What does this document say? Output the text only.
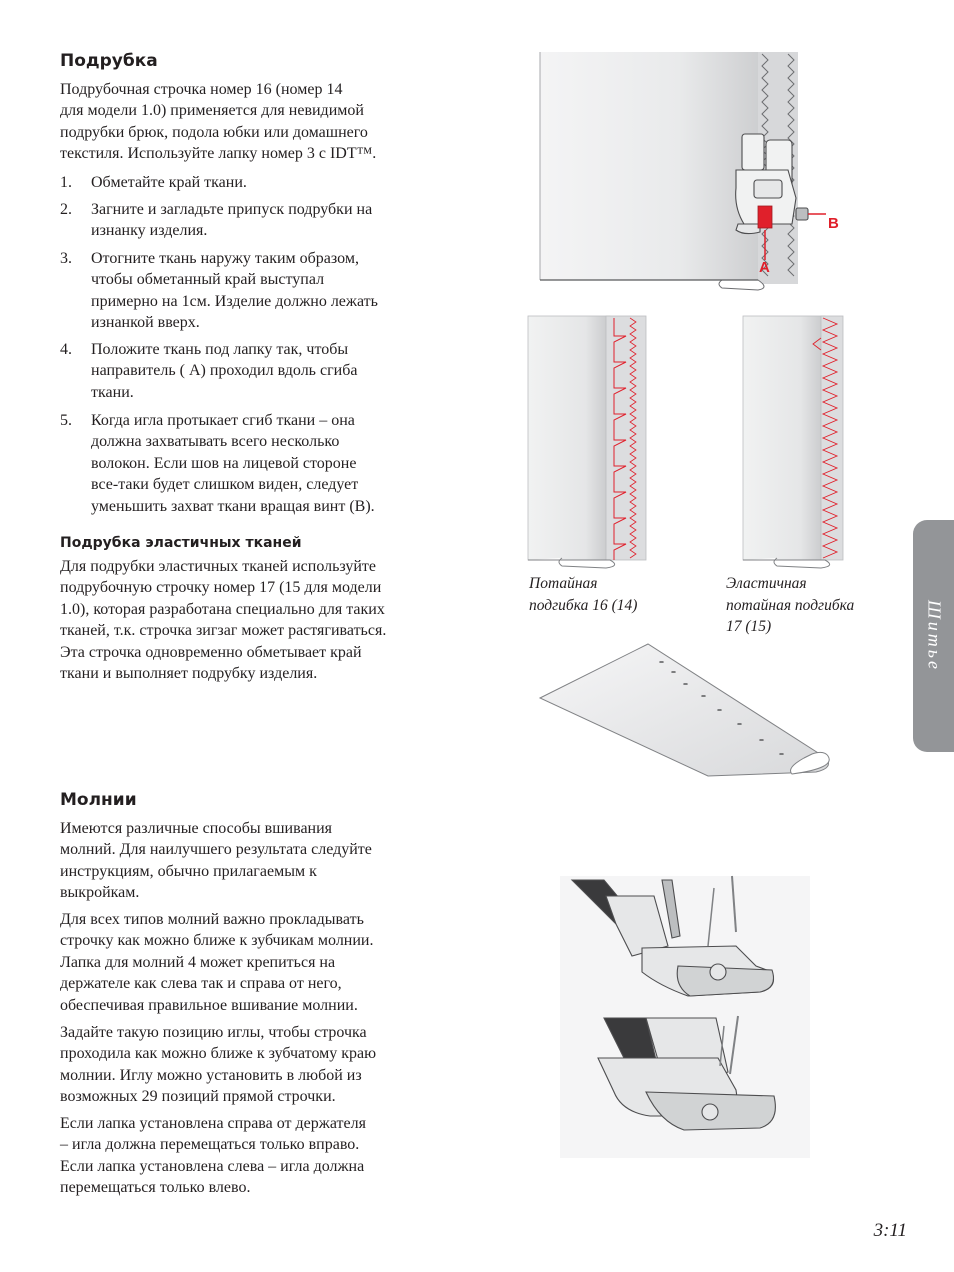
Подрубка
Подрубочная строчка номер 16 (номер 14
для модели 1.0) применяется для невидимой
подрубки брюк, подола юбки или домашнего
текстиля. Используйте лапку номер 3 с IDT™.
1. Обметайте край ткани.
2. Загните и загладьте припуск подрубки на
изнанку изделия.
3. Отогните ткань наружу таким образом,
чтобы обметанный край выступал
примерно на 1см. Изделие должно лежать
изнанкой вверх.
4. Положите ткань под лапку так, чтобы
направитель ( А) проходил вдоль сгиба
ткани.
5. Когда игла протыкает сгиб ткани – она
должна захватывать всего несколько
волокон. Если шов на лицевой стороне
все-таки будет слишком виден, следует
уменьшить захват ткани вращая винт (В).
Подрубка эластичных тканей
Для подрубки эластичных тканей используйте
подрубочную строчку номер 17 (15 для модели
1.0), которая разработана специально для таких
тканей, т.к. строчка зигзаг может растягиваться.
Эта строчка одновременно обметывает край
ткани и выполняет подрубку изделия.
Молнии
Имеются различные способы вшивания
молний. Для наилучшего результата следуйте
инструкциям, обычно прилагаемым к
выкройкам.
Для всех типов молний важно прокладывать
строчку как можно ближе к зубчикам молнии.
Лапка для молний 4 может крепиться на
держателе как слева так и справа от него,
обеспечивая правильное вшивание молнии.
Задайте такую позицию иглы, чтобы строчка
проходила как можно ближе к зубчатому краю
молнии. Иглу можно установить в любой из
возможных 29 позиций прямой строчки.
Если лапка установлена справа от держателя
– игла должна перемещаться только вправо.
Если лапка установлена слева – игла должна
перемещаться только влево.
A
B
Потайная
подгибка 16 (14)
Эластичная
потайная подгибка
17 (15)	Шитье
3:11
